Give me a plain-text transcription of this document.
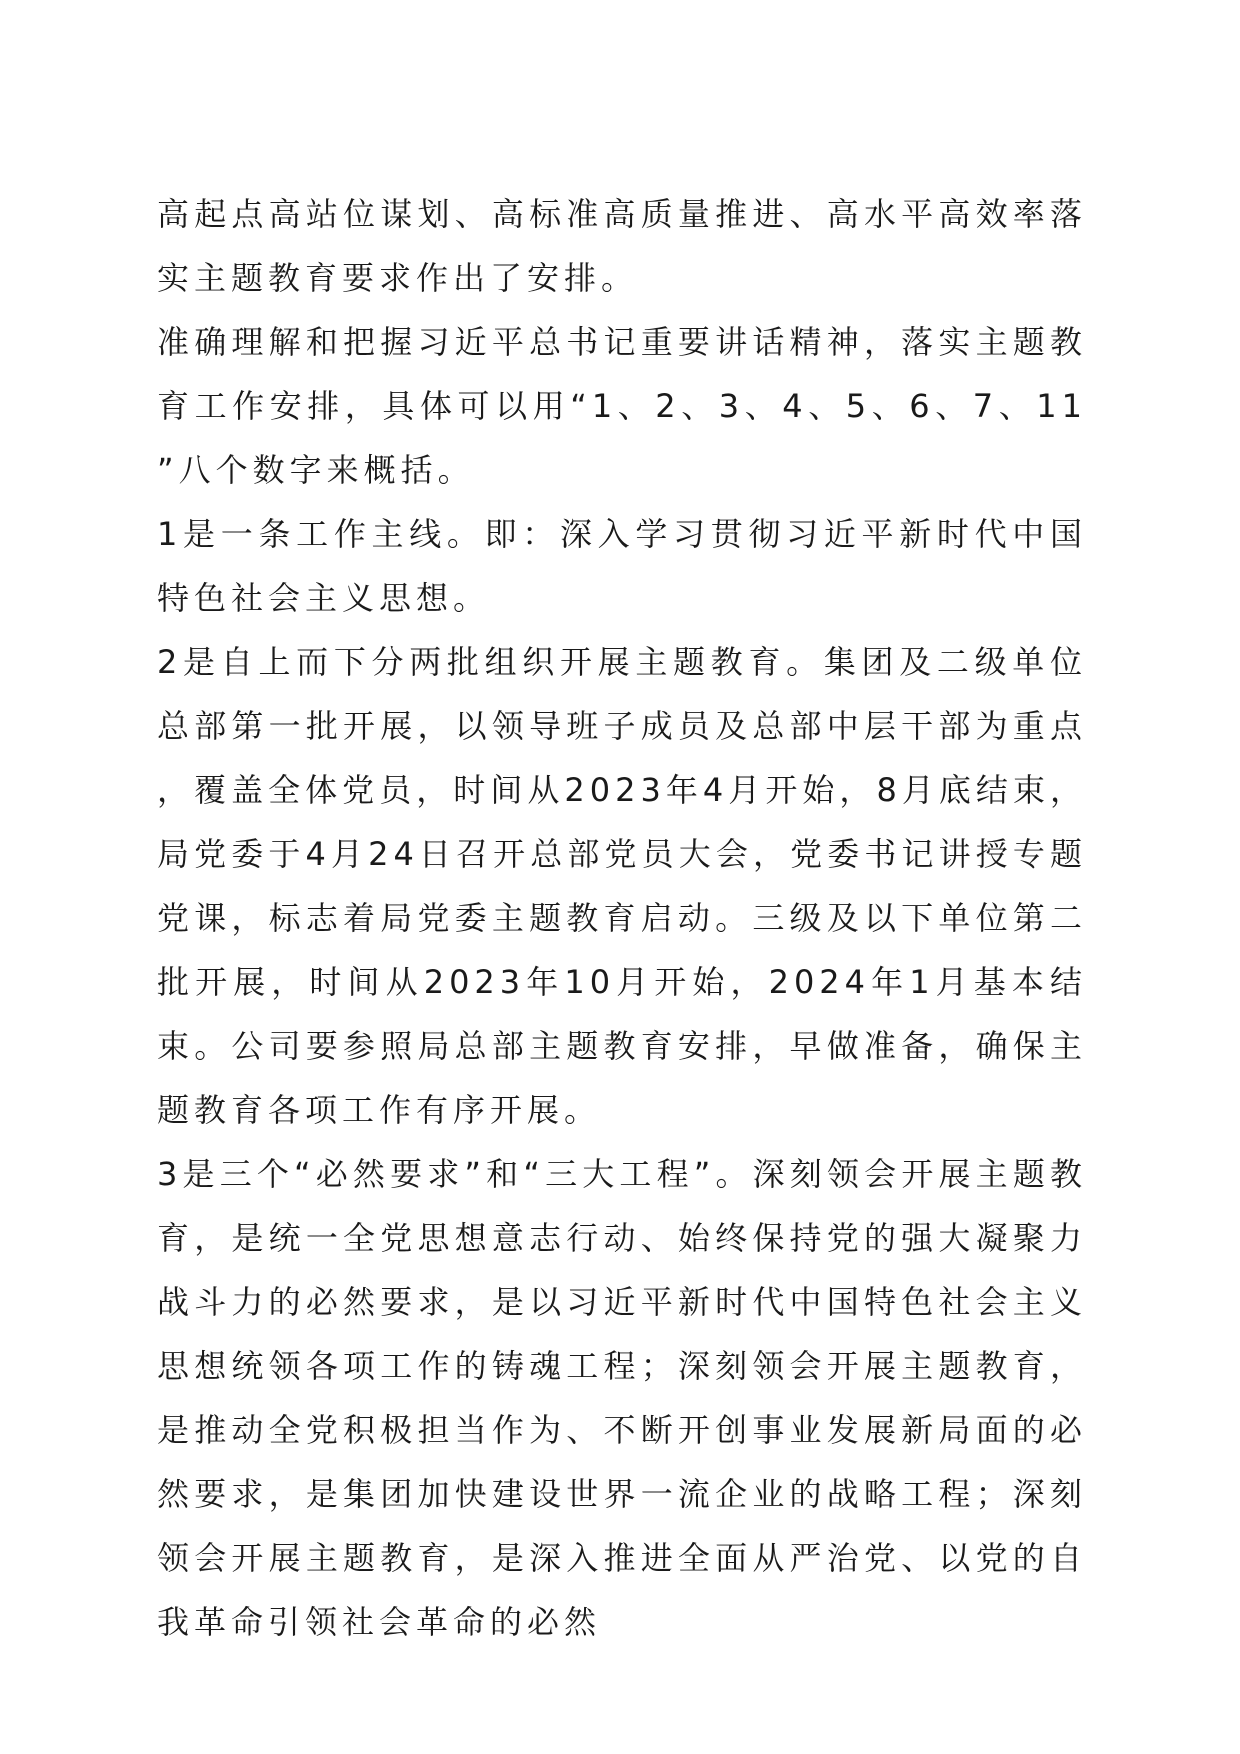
高起点高站位谋划、高标准高质量推进、高水平高效率落实主题教育要求作出了安排。

准确理解和把握习近平总书记重要讲话精神，落实主题教育工作安排，具体可以用“1、2、3、4、5、6、7、11”八个数字来概括。

1是一条工作主线。即：深入学习贯彻习近平新时代中国特色社会主义思想。

2是自上而下分两批组织开展主题教育。集团及二级单位总部第一批开展，以领导班子成员及总部中层干部为重点，覆盖全体党员，时间从2023年4月开始，8月底结束，局党委于4月24日召开总部党员大会，党委书记讲授专题党课，标志着局党委主题教育启动。三级及以下单位第二批开展，时间从2023年10月开始，2024年1月基本结束。公司要参照局总部主题教育安排，早做准备，确保主题教育各项工作有序开展。

3是三个“必然要求”和“三大工程”。深刻领会开展主题教育，是统一全党思想意志行动、始终保持党的强大凝聚力战斗力的必然要求，是以习近平新时代中国特色社会主义思想统领各项工作的铸魂工程；深刻领会开展主题教育，是推动全党积极担当作为、不断开创事业发展新局面的必然要求，是集团加快建设世界一流企业的战略工程；深刻领会开展主题教育，是深入推进全面从严治党、以党的自我革命引领社会革命的必然
